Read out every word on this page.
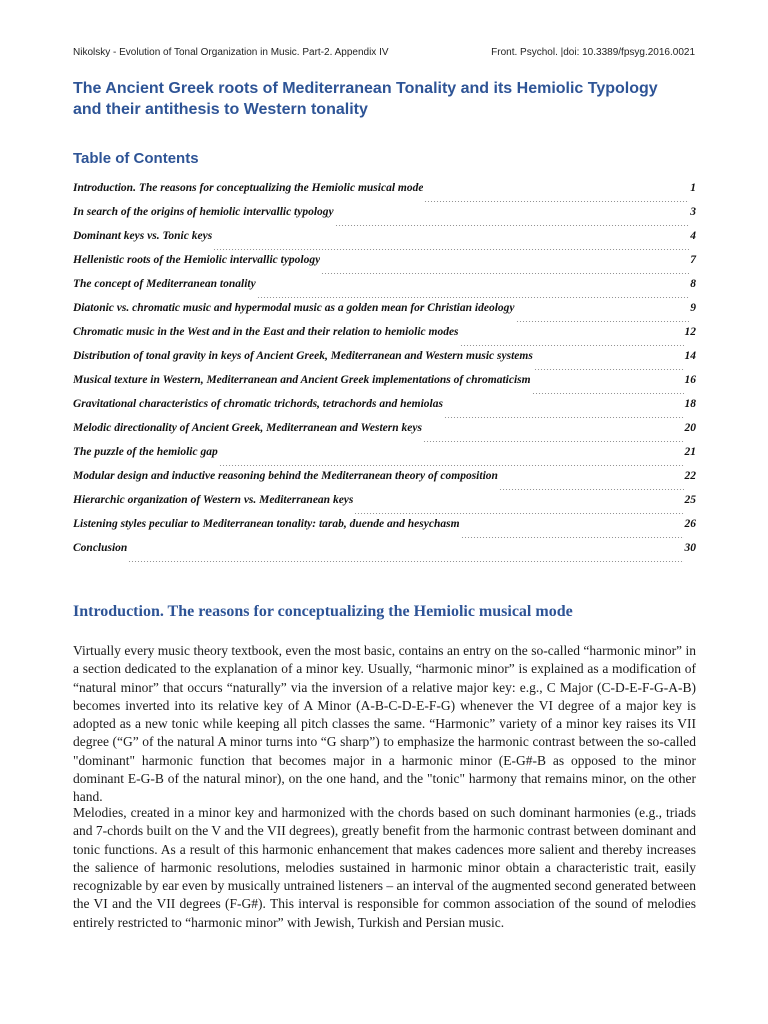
Nikolsky - Evolution of Tonal Organization in Music. Part-2. Appendix IV	Front. Psychol. |doi: 10.3389/fpsyg.2016.0021
The Ancient Greek roots of Mediterranean Tonality and its Hemiolic Typology and their antithesis to Western tonality
Table of Contents
Introduction. The reasons for conceptualizing the Hemiolic musical mode	1
In search of the origins of hemiolic intervallic typology	3
Dominant keys vs. Tonic keys	4
Hellenistic roots of the Hemiolic intervallic typology	7
The concept of Mediterranean tonality	8
Diatonic vs. chromatic music and hypermodal music as a golden mean for Christian ideology	9
Chromatic music in the West and in the East and their relation to hemiolic modes	12
Distribution of tonal gravity in keys of Ancient Greek, Mediterranean and Western music systems	14
Musical texture in Western, Mediterranean and Ancient Greek implementations of chromaticism	16
Gravitational characteristics of chromatic trichords, tetrachords and hemiolas	18
Melodic directionality of Ancient Greek, Mediterranean and Western keys	20
The puzzle of the hemiolic gap	21
Modular design and inductive reasoning behind the Mediterranean theory of composition	22
Hierarchic organization of Western vs. Mediterranean keys	25
Listening styles peculiar to Mediterranean tonality: tarab, duende and hesychasm	26
Conclusion	30
Introduction. The reasons for conceptualizing the Hemiolic musical mode

Virtually every music theory textbook, even the most basic, contains an entry on the so-called “harmonic minor” in a section dedicated to the explanation of a minor key. Usually, “harmonic minor” is explained as a modification of “natural minor” that occurs “naturally” via the inversion of a relative major key: e.g., C Major (C-D-E-F-G-A-B) becomes inverted into its relative key of A Minor (A-B-C-D-E-F-G) whenever the VI degree of a major key is adopted as a new tonic while keeping all pitch classes the same. “Harmonic” variety of a minor key raises its VII degree (“G” of the natural A minor turns into “G sharp”) to emphasize the harmonic contrast between the so-called "dominant" harmonic function that becomes major in a harmonic minor (E-G#-B as opposed to the minor dominant E-G-B of the natural minor), on the one hand, and the "tonic" harmony that remains minor, on the other hand.

Melodies, created in a minor key and harmonized with the chords based on such dominant harmonies (e.g., triads and 7-chords built on the V and the VII degrees), greatly benefit from the harmonic contrast between dominant and tonic functions. As a result of this harmonic enhancement that makes cadences more salient and thereby increases the salience of harmonic resolutions, melodies sustained in harmonic minor obtain a characteristic trait, easily recognizable by ear even by musically untrained listeners – an interval of the augmented second generated between the VI and the VII degrees (F-G#). This interval is responsible for common association of the sound of melodies entirely restricted to “harmonic minor” with Jewish, Turkish and Persian music.
